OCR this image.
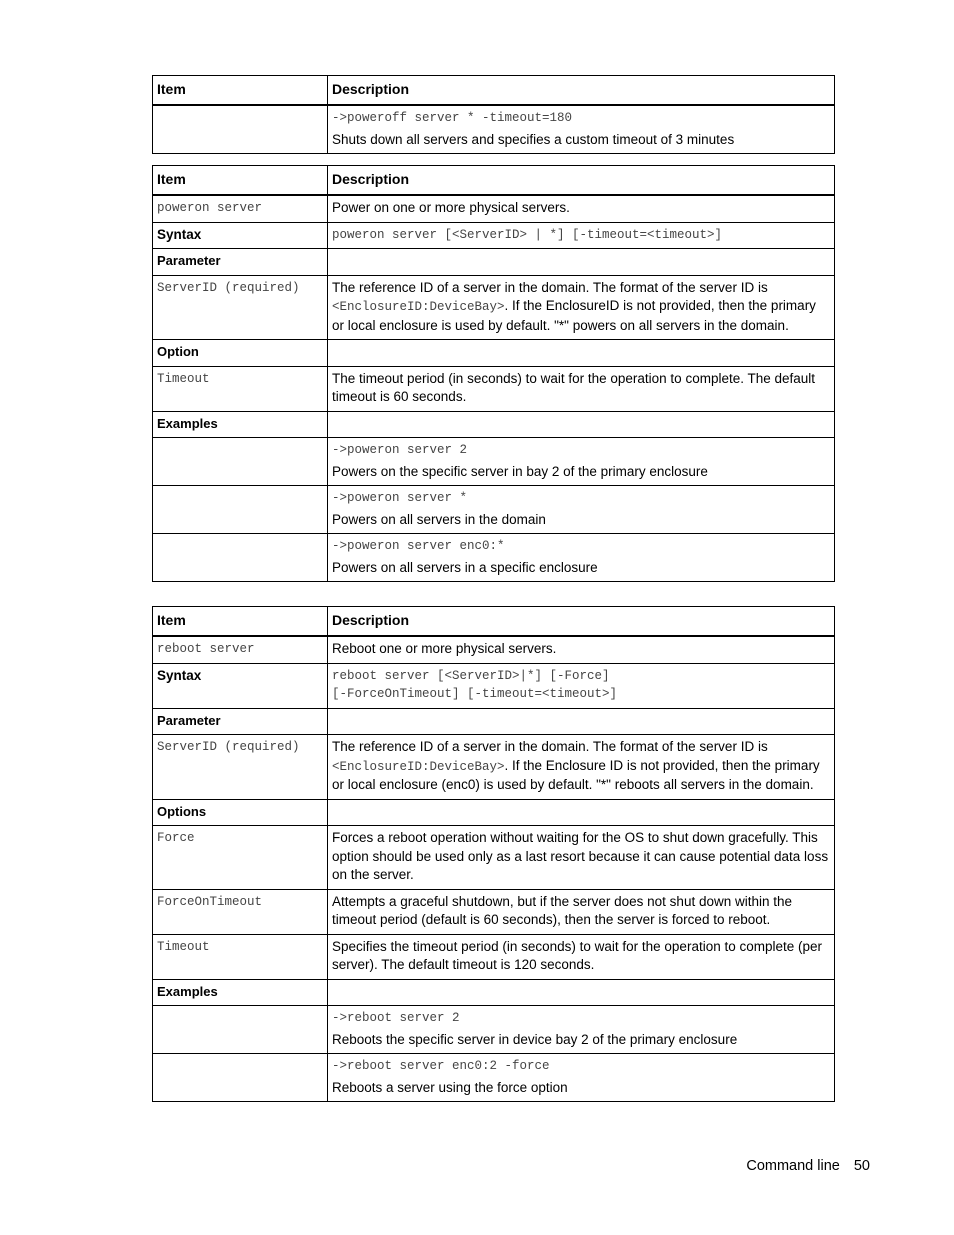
Item	Description

	->poweroff server * -timeout=180
Shuts down all servers and specifies a custom timeout of 3 minutes
Item	Description
poweron server	Power on one or more physical servers.
Syntax	poweron server [<ServerID> | *] [-timeout=<timeout>]
Parameter	
ServerID (required)	The reference ID of a server in the domain. The format of the server ID is <EnclosureID:DeviceBay>. If the EnclosureID is not provided, then the primary or local enclosure is used by default. "*" powers on all servers in the domain.
Option	
Timeout	The timeout period (in seconds) to wait for the operation to complete. The default timeout is 60 seconds.
Examples	

	->poweron server 2
Powers on the specific server in bay 2 of the primary enclosure

	->poweron server *
Powers on all servers in the domain

	->poweron server enc0:*
Powers on all servers in a specific enclosure
Item	Description
reboot server	Reboot one or more physical servers.
Syntax	reboot server [<ServerID>|*] [-Force]
[-ForceOnTimeout] [-timeout=<timeout>]
Parameter	
ServerID (required)	The reference ID of a server in the domain. The format of the server ID is <EnclosureID:DeviceBay>. If the Enclosure ID is not provided, then the primary or local enclosure (enc0) is used by default. "*" reboots all servers in the domain.
Options	
Force	Forces a reboot operation without waiting for the OS to shut down gracefully. This option should be used only as a last resort because it can cause potential data loss on the server.
ForceOnTimeout	Attempts a graceful shutdown, but if the server does not shut down within the timeout period (default is 60 seconds), then the server is forced to reboot.
Timeout	Specifies the timeout period (in seconds) to wait for the operation to complete (per server). The default timeout is 120 seconds.
Examples	

	->reboot server 2
Reboots the specific server in device bay 2 of the primary enclosure

	->reboot server enc0:2 -force
Reboots a server using the force option
Command line 50
